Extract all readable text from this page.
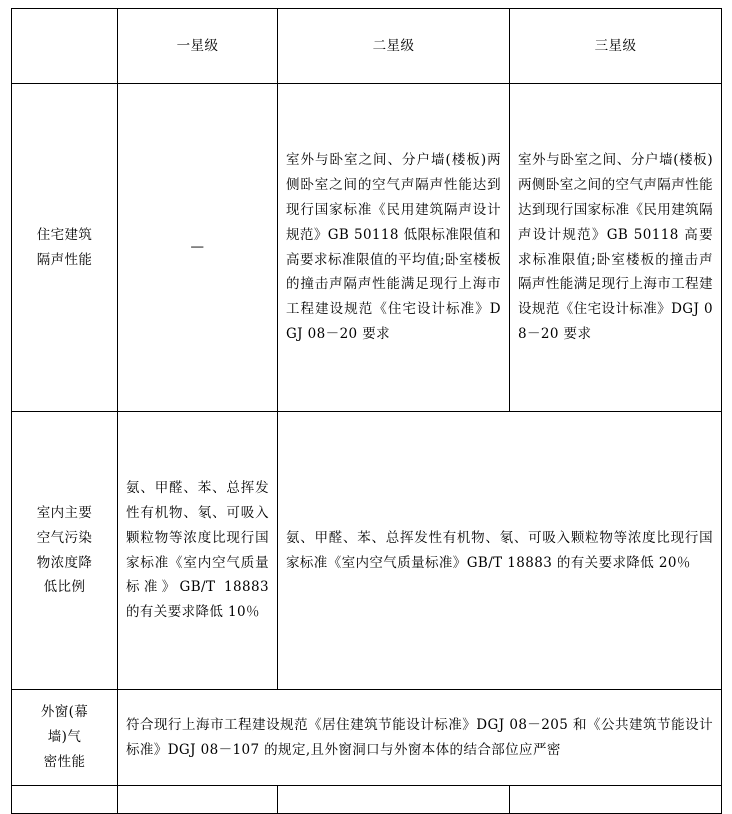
	一星级	二星级	三星级

住宅建筑
隔声性能	—	室外与卧室之间、分户墙(楼板)两侧卧室之间的空气声隔声性能达到现行国家标准《民用建筑隔声设计规范》GB 50118 低限标准限值和高要求标准限值的平均值;卧室楼板的撞击声隔声性能满足现行上海市工程建设规范《住宅设计标准》DGJ 08－20 要求	室外与卧室之间、分户墙(楼板)两侧卧室之间的空气声隔声性能达到现行国家标准《民用建筑隔声设计规范》GB 50118 高要求标准限值;卧室楼板的撞击声隔声性能满足现行上海市工程建设规范《住宅设计标准》DGJ 08－20 要求

室内主要
空气污染
物浓度降
低比例	氨、甲醛、苯、总挥发性有机物、氡、可吸入颗粒物等浓度比现行国家标准《室内空气质量标准》GB/T 18883 的有关要求降低 10％	氨、甲醛、苯、总挥发性有机物、氡、可吸入颗粒物等浓度比现行国家标准《室内空气质量标准》GB/T 18883 的有关要求降低 20％	

外窗(幕
墙)气
密性能	符合现行上海市工程建设规范《居住建筑节能设计标准》DGJ 08－205 和《公共建筑节能设计标准》DGJ 08－107 的规定,且外窗洞口与外窗本体的结合部位应严密		
